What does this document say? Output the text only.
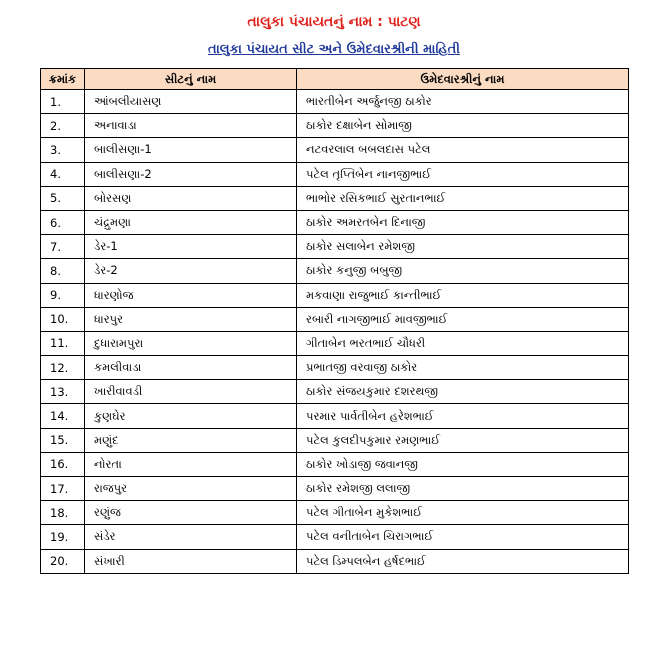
તાલુકા પંચાયતનું નામ : પાટણ
તાલુકા પંચાયત સીટ અને ઉમેદવારશ્રીની માહિતી
ક્રમાંક	સીટનું નામ	ઉમેદવારશ્રીનું નામ
1.	આંબલીયાસણ	ભારતીબેન અર્જુનજી ઠાકોર
2.	અનાવાડા	ઠાકોર દક્ષાબેન સોમાજી
3.	બાલીસણા-1	નટવરલાલ બબલદાસ પટેલ
4.	બાલીસણા-2	પટેલ તૃપ્તિબેન નાનજીભાઈ
5.	બોરસણ	ભાભોર રસિકભાઈ સુરતાનભાઈ
6.	ચંદ્રુમણા	ઠાકોર અમરતબેન દિનાજી
7.	ડેર-1	ઠાકોર સલાબેન રમેશજી
8.	ડેર-2	ઠાકોર કનુજી બબુજી
9.	ધારણોજ	મકવાણા રાજુભાઈ કાન્તીભાઈ
10.	ધારપુર	રબારી નાગજીભાઈ માવજીભાઈ
11.	દુધારામપુરા	ગીતાબેન ભરતભાઈ ચૌધરી
12.	કમલીવાડા	પ્રભાતજી વરવાજી ઠાકોર
13.	ખારીવાવડી	ઠાકોર સંજયકુમાર દશરથજી
14.	કુણઘેર	પરમાર પાર્વતીબેન હરેશભાઈ
15.	મણુંદ	પટેલ કુલદીપકુમાર રમણભાઈ
16.	નોરતા	ઠાકોર ખોડાજી જવાનજી
17.	રાજપુર	ઠાકોર રમેશજી લલાજી
18.	રણુંજ	પટેલ ગીતાબેન મુકેશભાઈ
19.	સંડેર	પટેલ વનીતાબેન ચિરાગભાઈ
20.	સંખારી	પટેલ ડિમ્પલબેન હર્ષદભાઈ
